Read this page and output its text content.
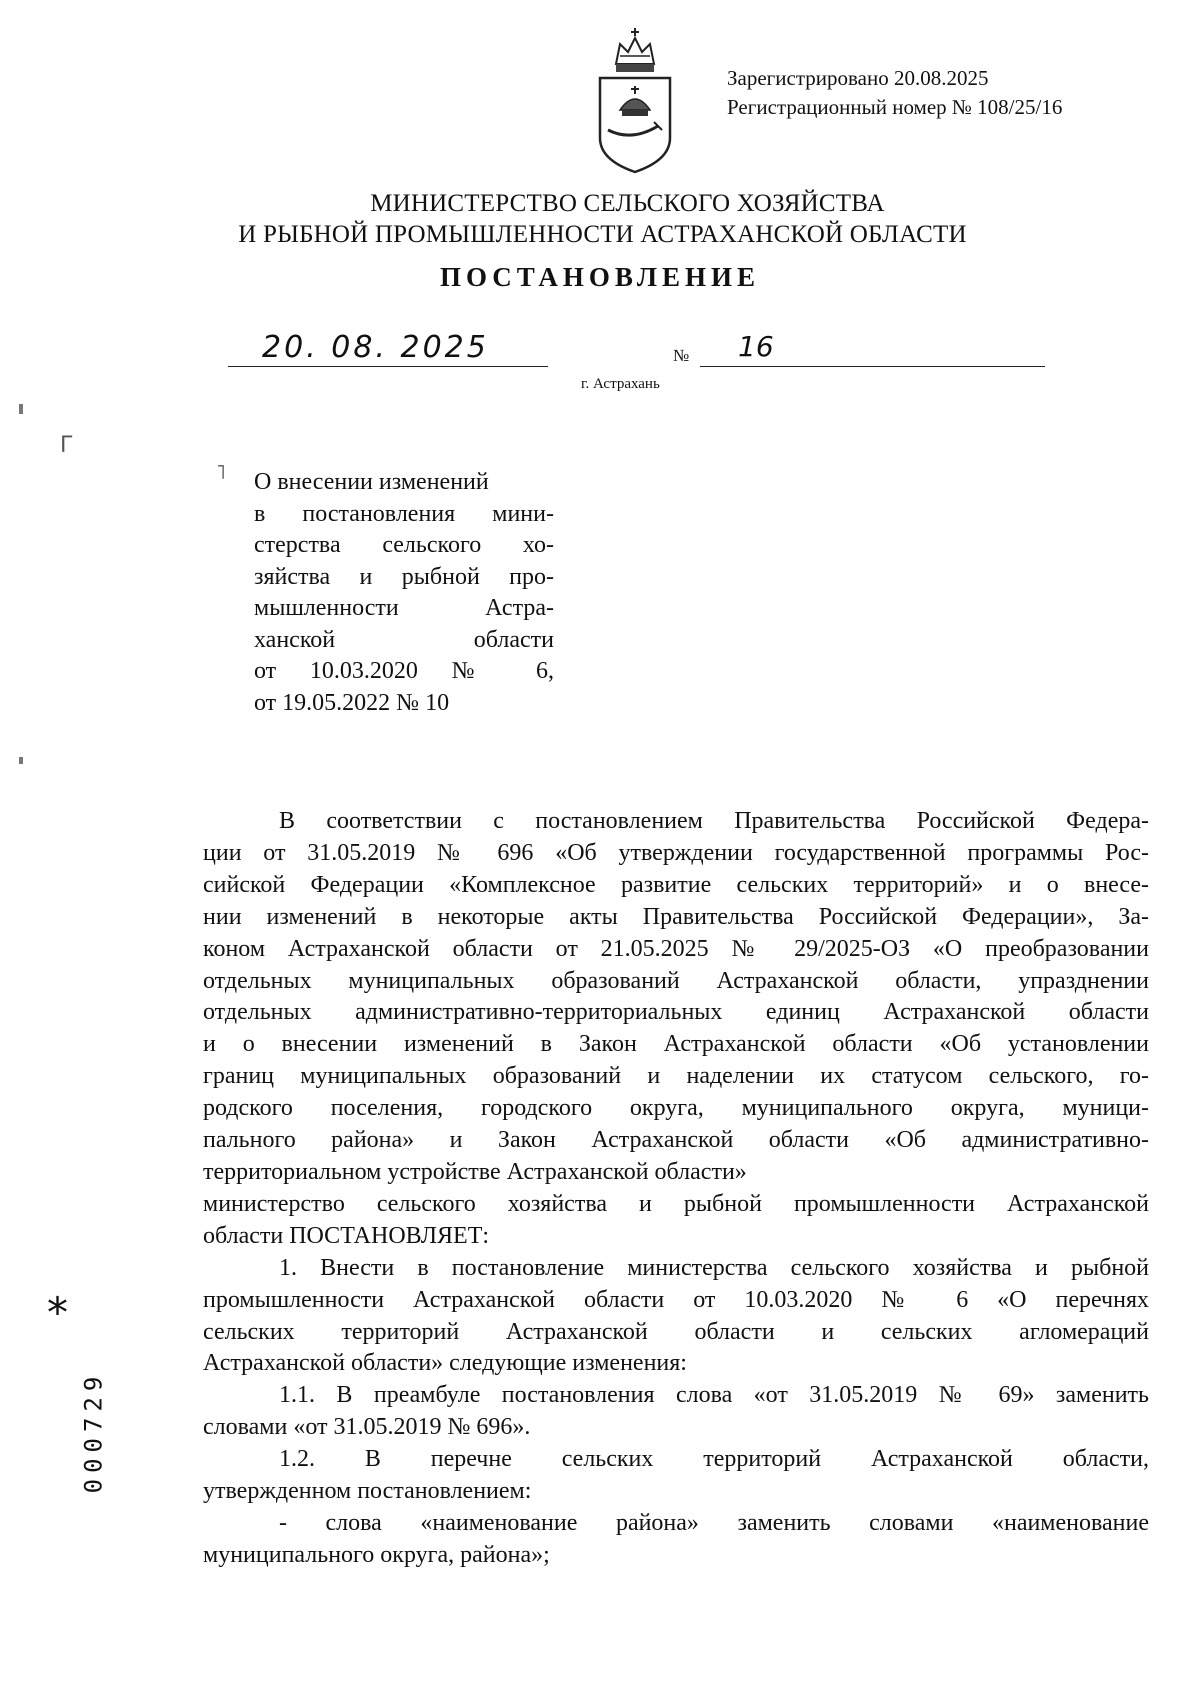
Зарегистрировано 20.08.2025
Регистрационный номер № 108/25/16
МИНИСТЕРСТВО СЕЛЬСКОГО ХОЗЯЙСТВА
И РЫБНОЙ ПРОМЫШЛЕННОСТИ АСТРАХАНСКОЙ ОБЛАСТИ
ПОСТАНОВЛЕНИЕ
20. 08. 2025	№ 16
г. Астрахань
Γ
˥ О внесении изменений
в постановления мини-
стерства сельского хо-
зяйства и рыбной про-
мышленности Астра-
ханской области
от 10.03.2020 № 6,
от 19.05.2022 № 10
В соответствии с постановлением Правительства Российской Федера-
ции от 31.05.2019 № 696 «Об утверждении государственной программы Рос-
сийской Федерации «Комплексное развитие сельских территорий» и о внесе-
нии изменений в некоторые акты Правительства Российской Федерации», За-
коном Астраханской области от 21.05.2025 № 29/2025-ОЗ «О преобразовании
отдельных муниципальных образований Астраханской области, упразднении
отдельных административно-территориальных единиц Астраханской области
и о внесении изменений в Закон Астраханской области «Об установлении
границ муниципальных образований и наделении их статусом сельского, го-
родского поселения, городского округа, муниципального округа, муници-
пального района» и Закон Астраханской области «Об административно-
территориальном устройстве Астраханской области»
министерство сельского хозяйства и рыбной промышленности Астраханской
области ПОСТАНОВЛЯЕТ:
1. Внести в постановление министерства сельского хозяйства и рыбной
промышленности Астраханской области от 10.03.2020 № 6 «О перечнях
сельских территорий Астраханской области и сельских агломераций
Астраханской области» следующие изменения:
1.1. В преамбуле постановления слова «от 31.05.2019 № 69» заменить
словами «от 31.05.2019 № 696».
1.2. В перечне сельских территорий Астраханской области,
утвержденном постановлением:
- слова «наименование района» заменить словами «наименование
муниципального округа, района»;
*
000729
